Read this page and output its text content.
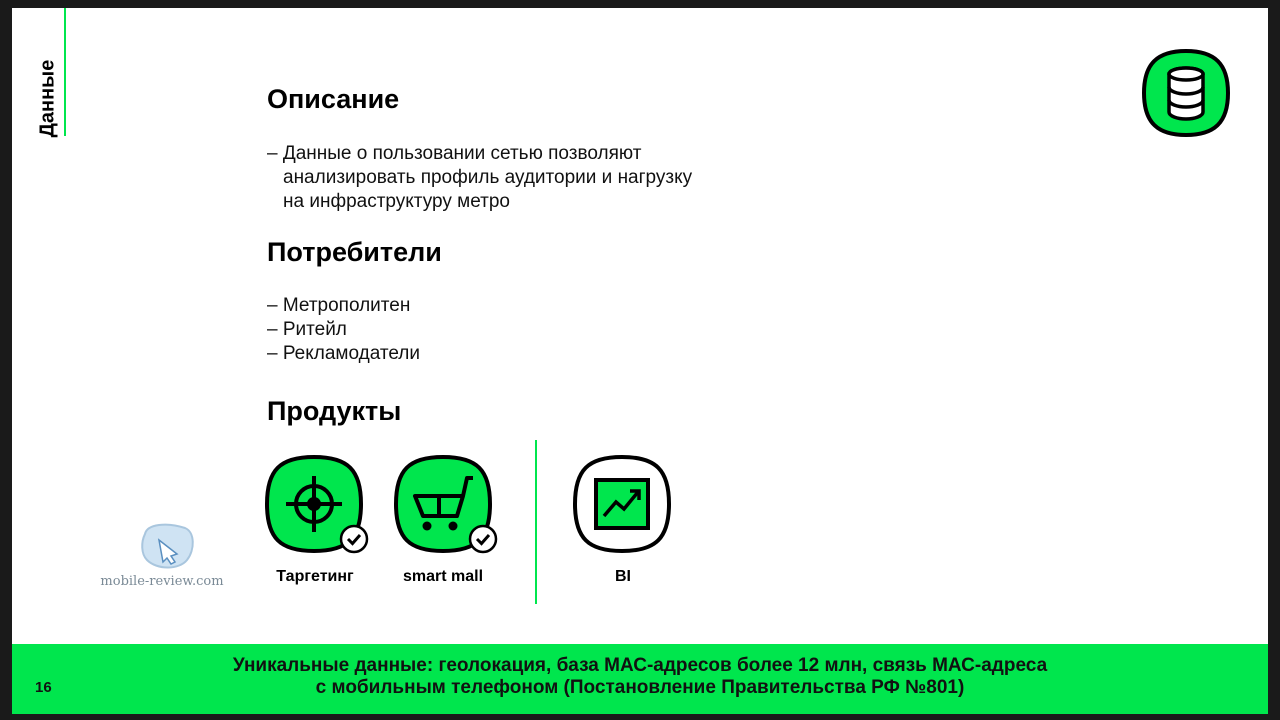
Данные	Описание
– Данные о пользовании сетью позволяют
анализировать профиль аудитории и нагрузку
на инфраструктуру метро
Потребители
– Метрополитен
– Ритейл
– Рекламодатели
Продукты
Таргетинг	smart mall	BI
mobile-review.com
16
Уникальные данные: геолокация, база МАС-адресов более 12 млн, связь МАС-адреса
с мобильным телефоном (Постановление Правительства РФ №801)
